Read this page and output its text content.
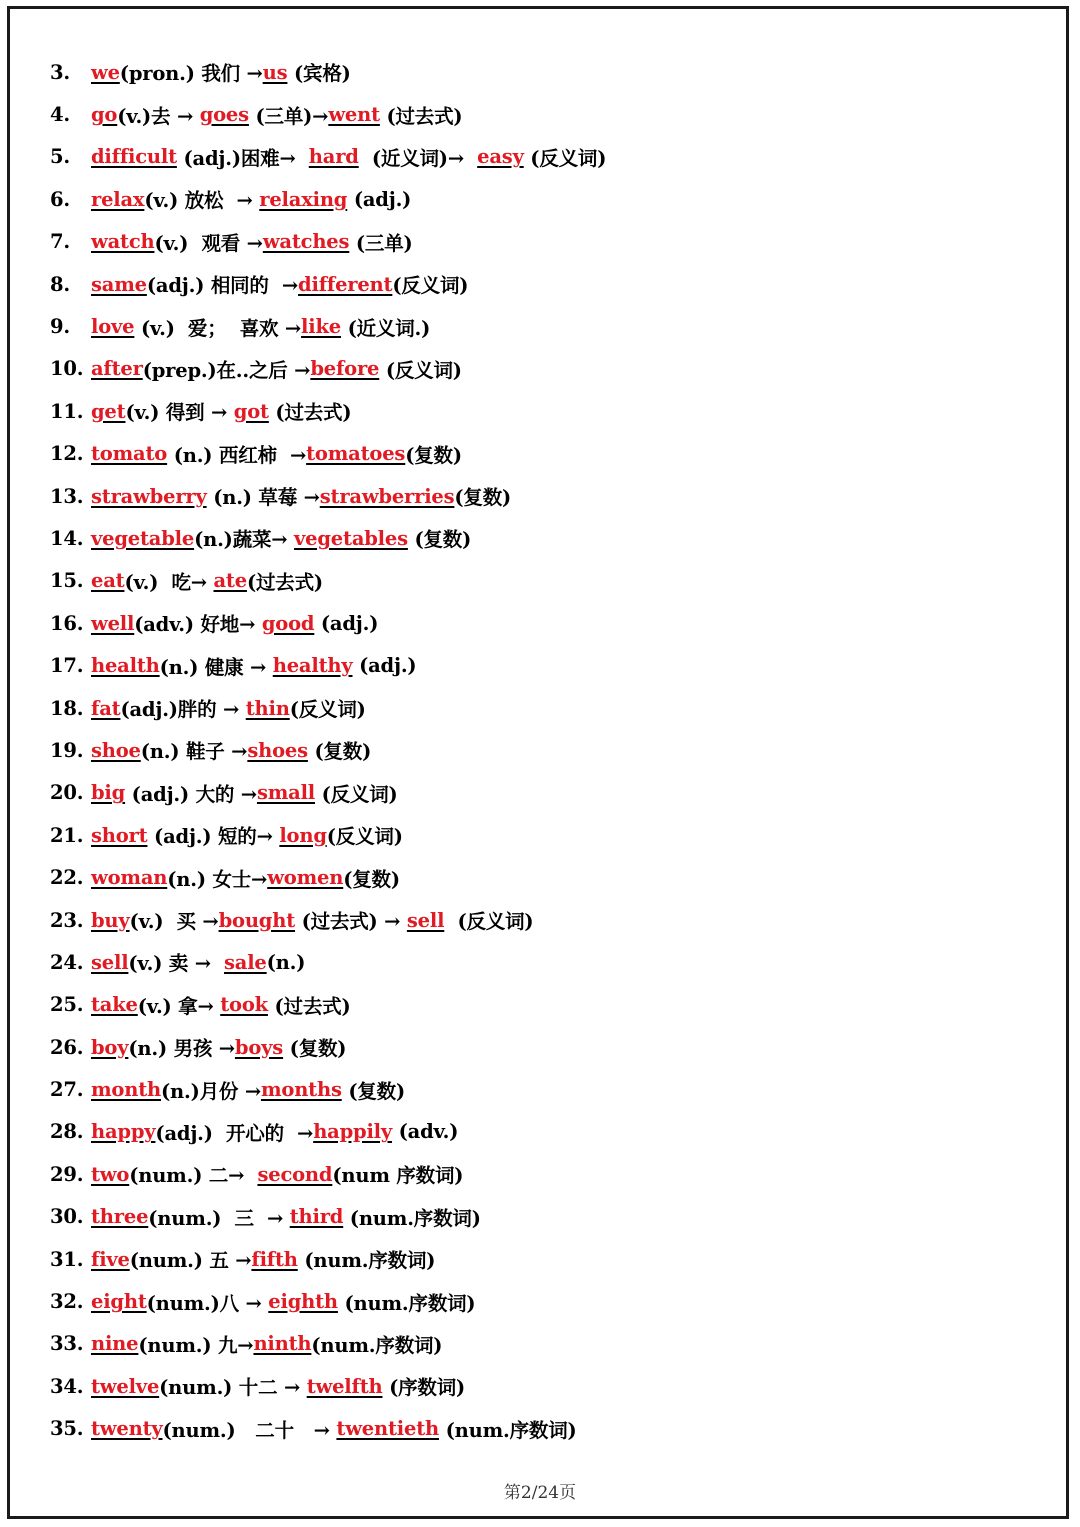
3.	we (pron.) 我们 → us (宾格)
4.	go (v.)去 → goes (三单)→ went (过去式)
5.	difficult (adj.)困难→ hard (近义词)→ easy (反义词)
6.	relax (v.) 放松  → relaxing (adj.)
7.	watch (v.)  观看 → watches (三单)
8.	same (adj.) 相同的  → different (反义词)
9.	love (v.)  爱；  喜欢 → like (近义词.)
10. after (prep.)在..之后 → before (反义词)
11. get (v.) 得到 → got (过去式)
12. tomato (n.) 西红柿  → tomatoes (复数)
13. strawberry (n.) 草莓 → strawberries (复数)
14. vegetable (n.)蔬菜→ vegetables (复数)
15. eat (v.)  吃→ ate (过去式)
16. well (adv.) 好地→ good (adj.)
17. health (n.) 健康 → healthy (adj.)
18. fat (adj.)胖的 → thin (反义词)
19. shoe (n.) 鞋子 → shoes (复数)
20. big (adj.) 大的 → small (反义词)
21. short (adj.) 短的→ long (反义词)
22. woman (n.) 女士→ women (复数)
23. buy (v.)  买 → bought (过去式) → sell (反义词)
24. sell (v.) 卖 → sale (n.)
25. take (v.) 拿→ took (过去式)
26. boy (n.) 男孩 → boys (复数)
27. month (n.)月份 → months (复数)
28. happy (adj.)  开心的  → happily (adv.)
29. two (num.) 二→ second (num 序数词)
30. three (num.)  三  → third (num.序数词)
31. five (num.) 五 → fifth (num.序数词)
32. eight (num.)八 → eighth (num.序数词)
33. nine (num.) 九→ ninth (num.序数词)
34. twelve (num.) 十二 → twelfth (序数词)
35. twenty (num.)   二十   → twentieth (num.序数词)
第2/24页
